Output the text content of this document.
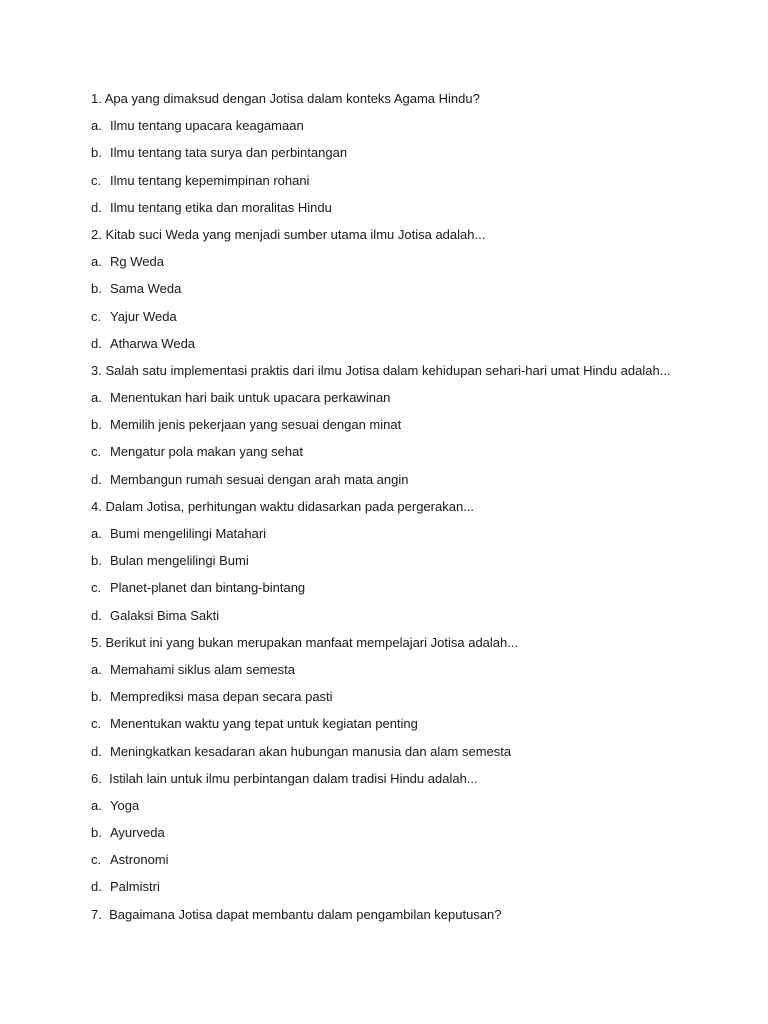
1. Apa yang dimaksud dengan Jotisa dalam konteks Agama Hindu?
a. Ilmu tentang upacara keagamaan
b. Ilmu tentang tata surya dan perbintangan
c. Ilmu tentang kepemimpinan rohani
d. Ilmu tentang etika dan moralitas Hindu
2. Kitab suci Weda yang menjadi sumber utama ilmu Jotisa adalah...
a. Rg Weda
b. Sama Weda
c. Yajur Weda
d. Atharwa Weda
3. Salah satu implementasi praktis dari ilmu Jotisa dalam kehidupan sehari-hari umat Hindu adalah...
a. Menentukan hari baik untuk upacara perkawinan
b. Memilih jenis pekerjaan yang sesuai dengan minat
c. Mengatur pola makan yang sehat
d. Membangun rumah sesuai dengan arah mata angin
4. Dalam Jotisa, perhitungan waktu didasarkan pada pergerakan...
a. Bumi mengelilingi Matahari
b. Bulan mengelilingi Bumi
c. Planet-planet dan bintang-bintang
d. Galaksi Bima Sakti
5. Berikut ini yang bukan merupakan manfaat mempelajari Jotisa adalah...
a. Memahami siklus alam semesta
b. Memprediksi masa depan secara pasti
c. Menentukan waktu yang tepat untuk kegiatan penting
d. Meningkatkan kesadaran akan hubungan manusia dan alam semesta
6.  Istilah lain untuk ilmu perbintangan dalam tradisi Hindu adalah...
a. Yoga
b. Ayurveda
c. Astronomi
d. Palmistri
7.  Bagaimana Jotisa dapat membantu dalam pengambilan keputusan?
